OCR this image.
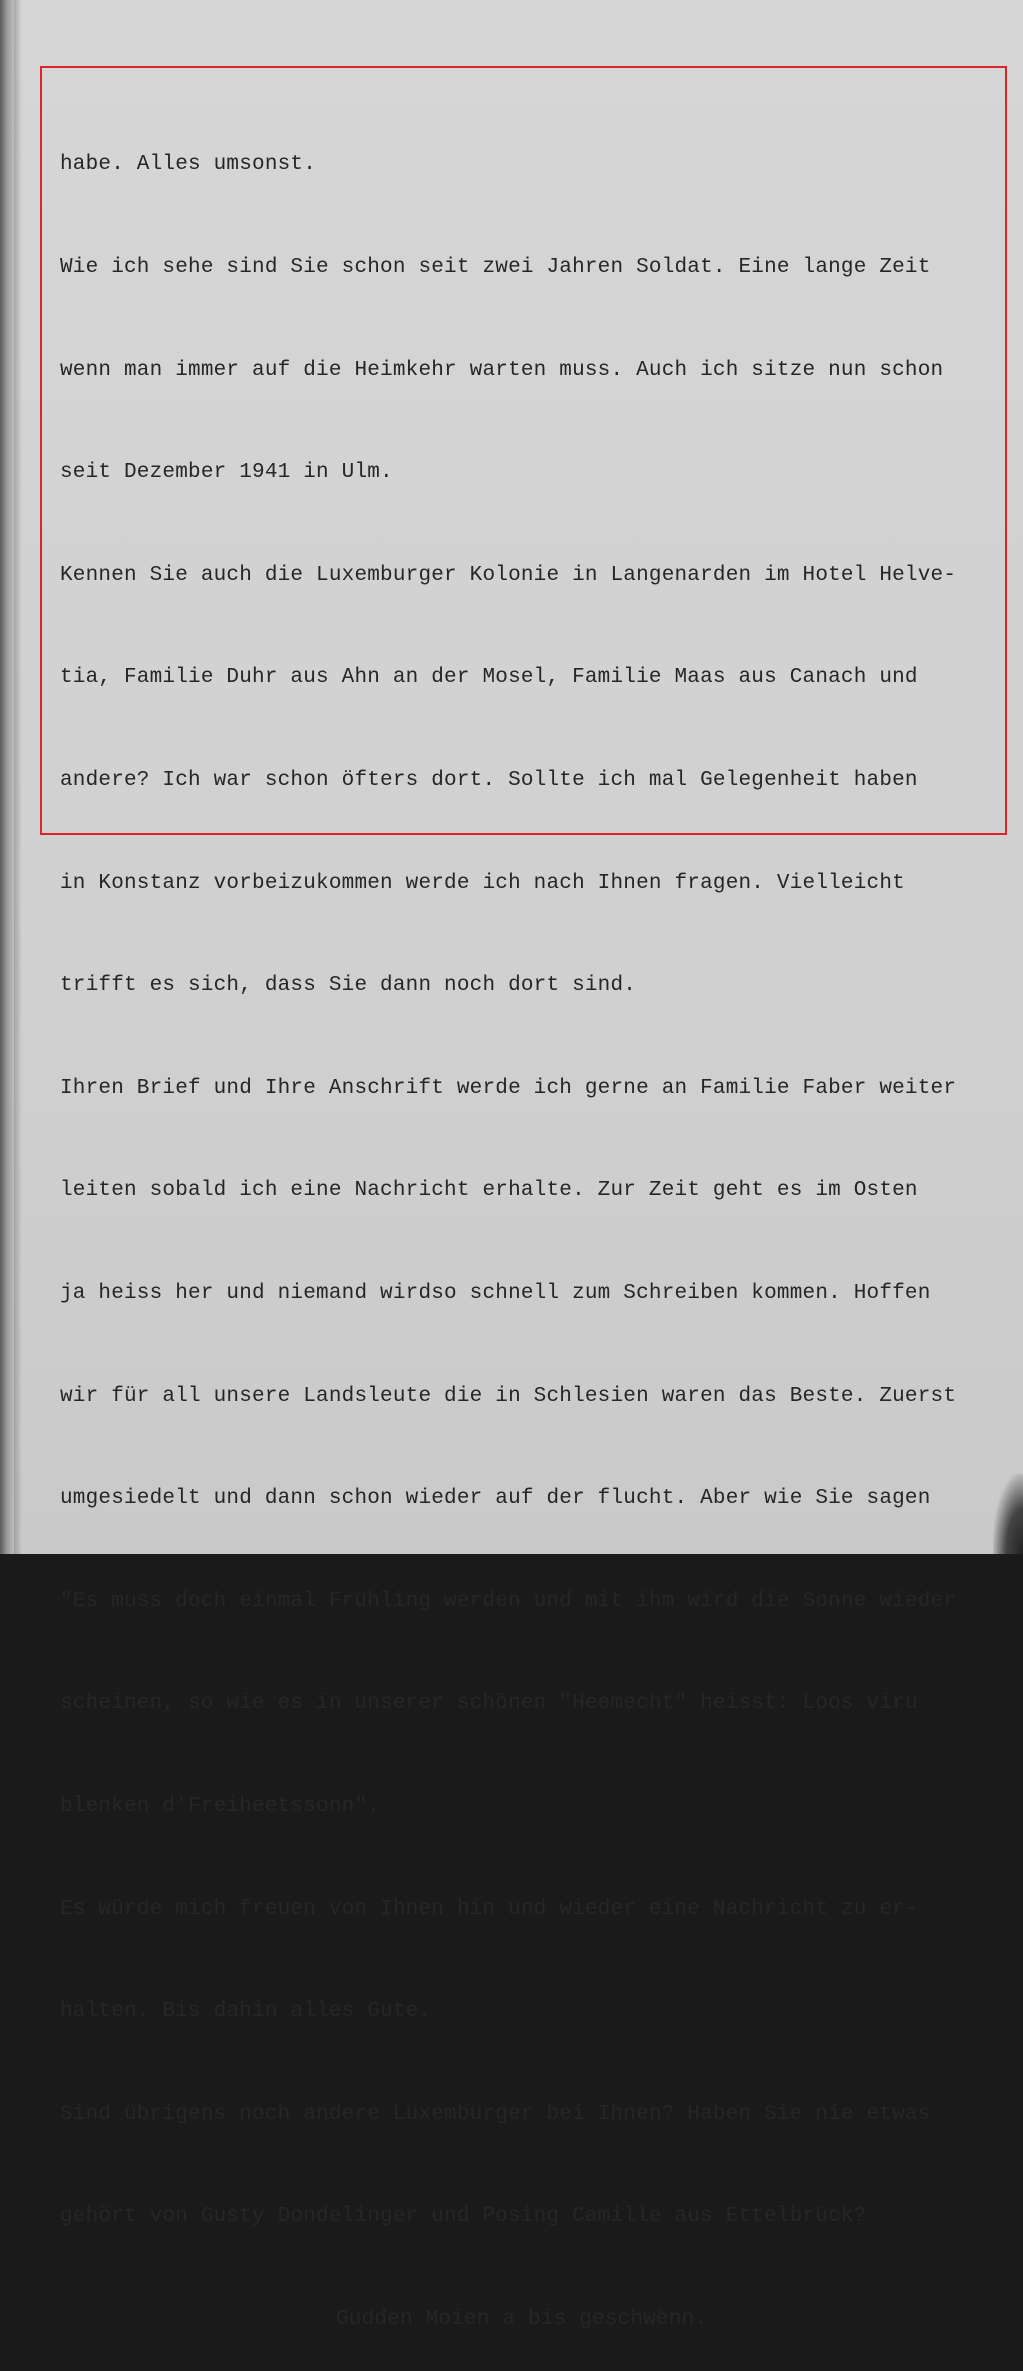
habe. Alles umsonst.

Wie ich sehe sind Sie schon seit zwei Jahren Soldat. Eine lange Zeit

wenn man immer auf die Heimkehr warten muss. Auch ich sitze nun schon

seit Dezember 1941 in Ulm.

Kennen Sie auch die Luxemburger Kolonie in Langenarden im Hotel Helve-

tia, Familie Duhr aus Ahn an der Mosel, Familie Maas aus Canach und

andere? Ich war schon öfters dort. Sollte ich mal Gelegenheit haben

in Konstanz vorbeizukommen werde ich nach Ihnen fragen. Vielleicht

trifft es sich, dass Sie dann noch dort sind.

Ihren Brief und Ihre Anschrift werde ich gerne an Familie Faber weiter

leiten sobald ich eine Nachricht erhalte. Zur Zeit geht es im Osten

ja heiss her und niemand wirdso schnell zum Schreiben kommen. Hoffen

wir für all unsere Landsleute die in Schlesien waren das Beste. Zuerst

umgesiedelt und dann schon wieder auf der flucht. Aber wie Sie sagen

"Es muss doch einmal Frühling werden und mit ihm wird die Sonne wieder

scheinen, so wie es in unserer schönen "Heemecht" heisst: Loos viru

blenken d'Freiheetssonn".

Es würde mich freuen von Ihnen hin und wieder eine Nachricht zu er-

halten. Bis dahin alles Gute.

Sind übrigens noch andere Luxemburger bei Ihnen? Haben Sie nie etwas

gehört von Gusty Dondelinger und Posing Camille aus Ettelbrück?

Gudden Moien a bis geschwënn.
